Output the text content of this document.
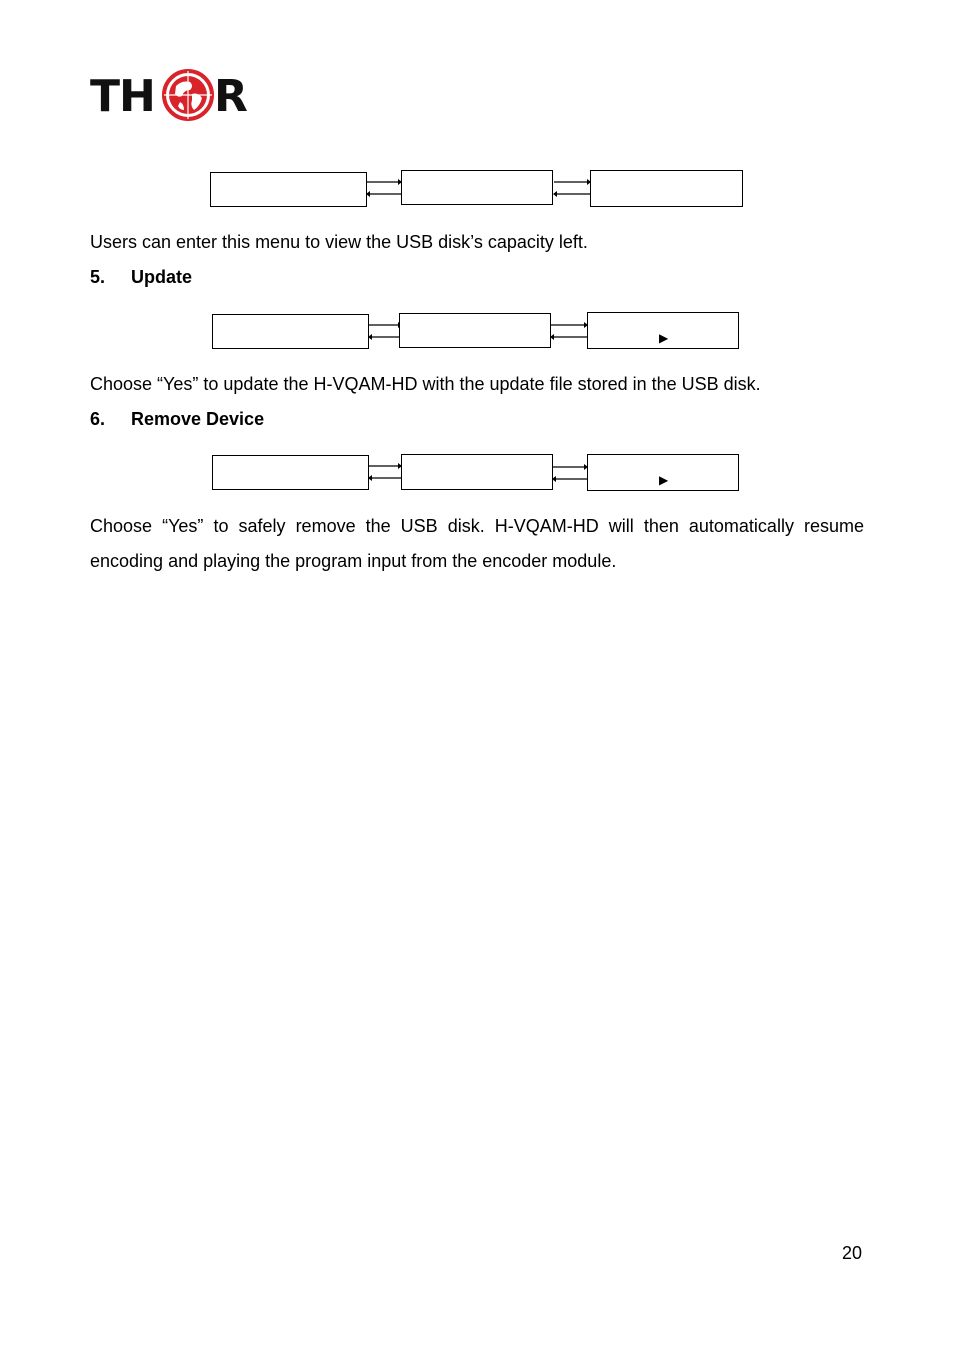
TH R

Users can enter this menu to view the USB disk’s capacity left.

5. Update
▶

Choose “Yes” to update the H-VQAM-HD with the update file stored in the USB disk.

6. Remove Device
▶

Choose “Yes” to safely remove the USB disk. H-VQAM-HD will then automatically resume encoding and playing the program input from the encoder module.

20
